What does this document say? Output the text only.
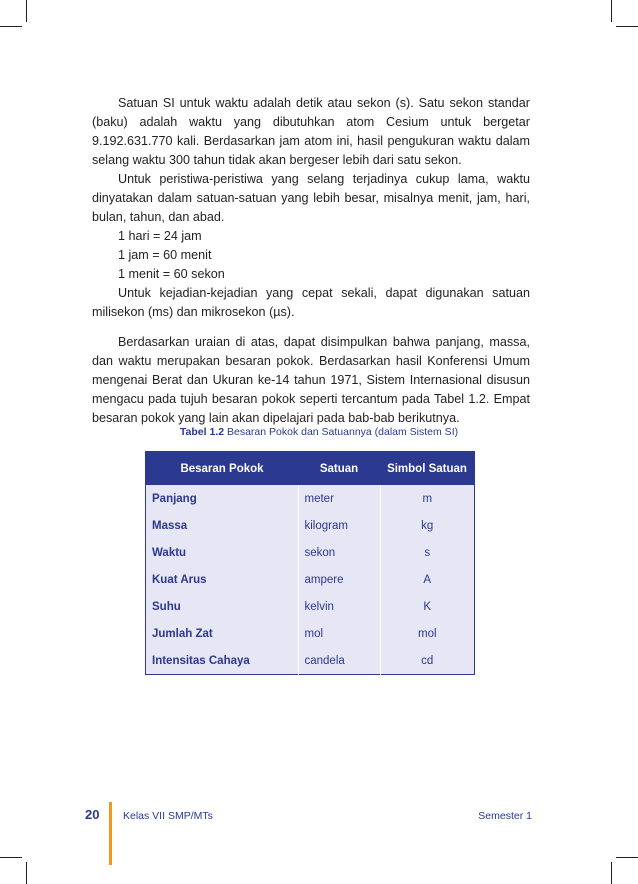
Satuan SI untuk waktu adalah detik atau sekon (s). Satu sekon standar (baku) adalah waktu yang dibutuhkan atom Cesium untuk bergetar 9.192.631.770 kali. Berdasarkan jam atom ini, hasil pengukuran waktu dalam selang waktu 300 tahun tidak akan bergeser lebih dari satu sekon.

Untuk peristiwa-peristiwa yang selang terjadinya cukup lama, waktu dinyatakan dalam satuan-satuan yang lebih besar, misalnya menit, jam, hari, bulan, tahun, dan abad.

1 hari = 24 jam

1 jam = 60 menit

1 menit = 60 sekon

Untuk kejadian-kejadian yang cepat sekali, dapat digunakan satuan milisekon (ms) dan mikrosekon (µs).

Berdasarkan uraian di atas, dapat disimpulkan bahwa panjang, massa, dan waktu merupakan besaran pokok. Berdasarkan hasil Konferensi Umum mengenai Berat dan Ukuran ke-14 tahun 1971, Sistem Internasional disusun mengacu pada tujuh besaran pokok seperti tercantum pada Tabel 1.2. Empat besaran pokok yang lain akan dipelajari pada bab-bab berikutnya.

Tabel 1.2 Besaran Pokok dan Satuannya (dalam Sistem SI)
Besaran Pokok	Satuan	Simbol Satuan
Panjang	meter	m
Massa	kilogram	kg
Waktu	sekon	s
Kuat Arus	ampere	A
Suhu	kelvin	K
Jumlah Zat	mol	mol
Intensitas Cahaya	candela	cd
20 Kelas VII SMP/MTs	Semester 1
